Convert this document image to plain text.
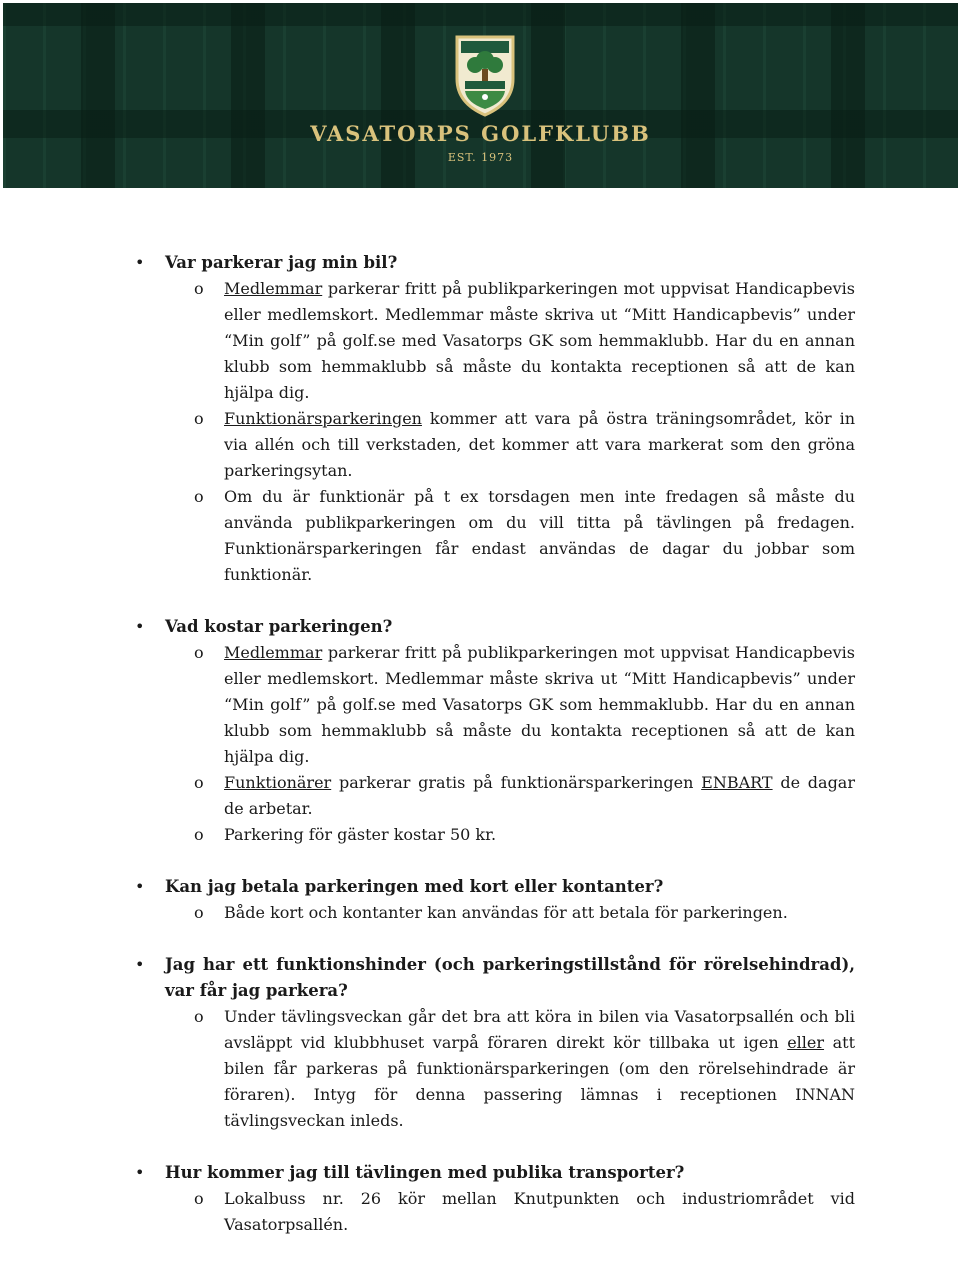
VASATORPS GOLFKLUBB
EST. 1973
• Var parkerar jag min bil?
o Medlemmar parkerar fritt på publikparkeringen mot uppvisat Handicapbevis eller medlemskort. Medlemmar måste skriva ut “Mitt Handicapbevis” under “Min golf” på golf.se med Vasatorps GK som hemmaklubb. Har du en annan klubb som hemmaklubb så måste du kontakta receptionen så att de kan hjälpa dig.
o Funktionärsparkeringen kommer att vara på östra träningsområdet, kör in via allén och till verkstaden, det kommer att vara markerat som den gröna parkeringsytan.
o Om du är funktionär på t ex torsdagen men inte fredagen så måste du använda publikparkeringen om du vill titta på tävlingen på fredagen. Funktionärsparkeringen får endast användas de dagar du jobbar som funktionär.
• Vad kostar parkeringen?
o Medlemmar parkerar fritt på publikparkeringen mot uppvisat Handicapbevis eller medlemskort. Medlemmar måste skriva ut “Mitt Handicapbevis” under “Min golf” på golf.se med Vasatorps GK som hemmaklubb. Har du en annan klubb som hemmaklubb så måste du kontakta receptionen så att de kan hjälpa dig.
o Funktionärer parkerar gratis på funktionärsparkeringen ENBART de dagar de arbetar.
o Parkering för gäster kostar 50 kr.
• Kan jag betala parkeringen med kort eller kontanter?
o Både kort och kontanter kan användas för att betala för parkeringen.
• Jag har ett funktionshinder (och parkeringstillstånd för rörelsehindrad), var får jag parkera?
o Under tävlingsveckan går det bra att köra in bilen via Vasatorpsallén och bli avsläppt vid klubbhuset varpå föraren direkt kör tillbaka ut igen eller att bilen får parkeras på funktionärsparkeringen (om den rörelsehindrade är föraren). Intyg för denna passering lämnas i receptionen INNAN tävlingsveckan inleds.
• Hur kommer jag till tävlingen med publika transporter?
o Lokalbuss nr. 26 kör mellan Knutpunkten och industriområdet vid Vasatorpsallén.
